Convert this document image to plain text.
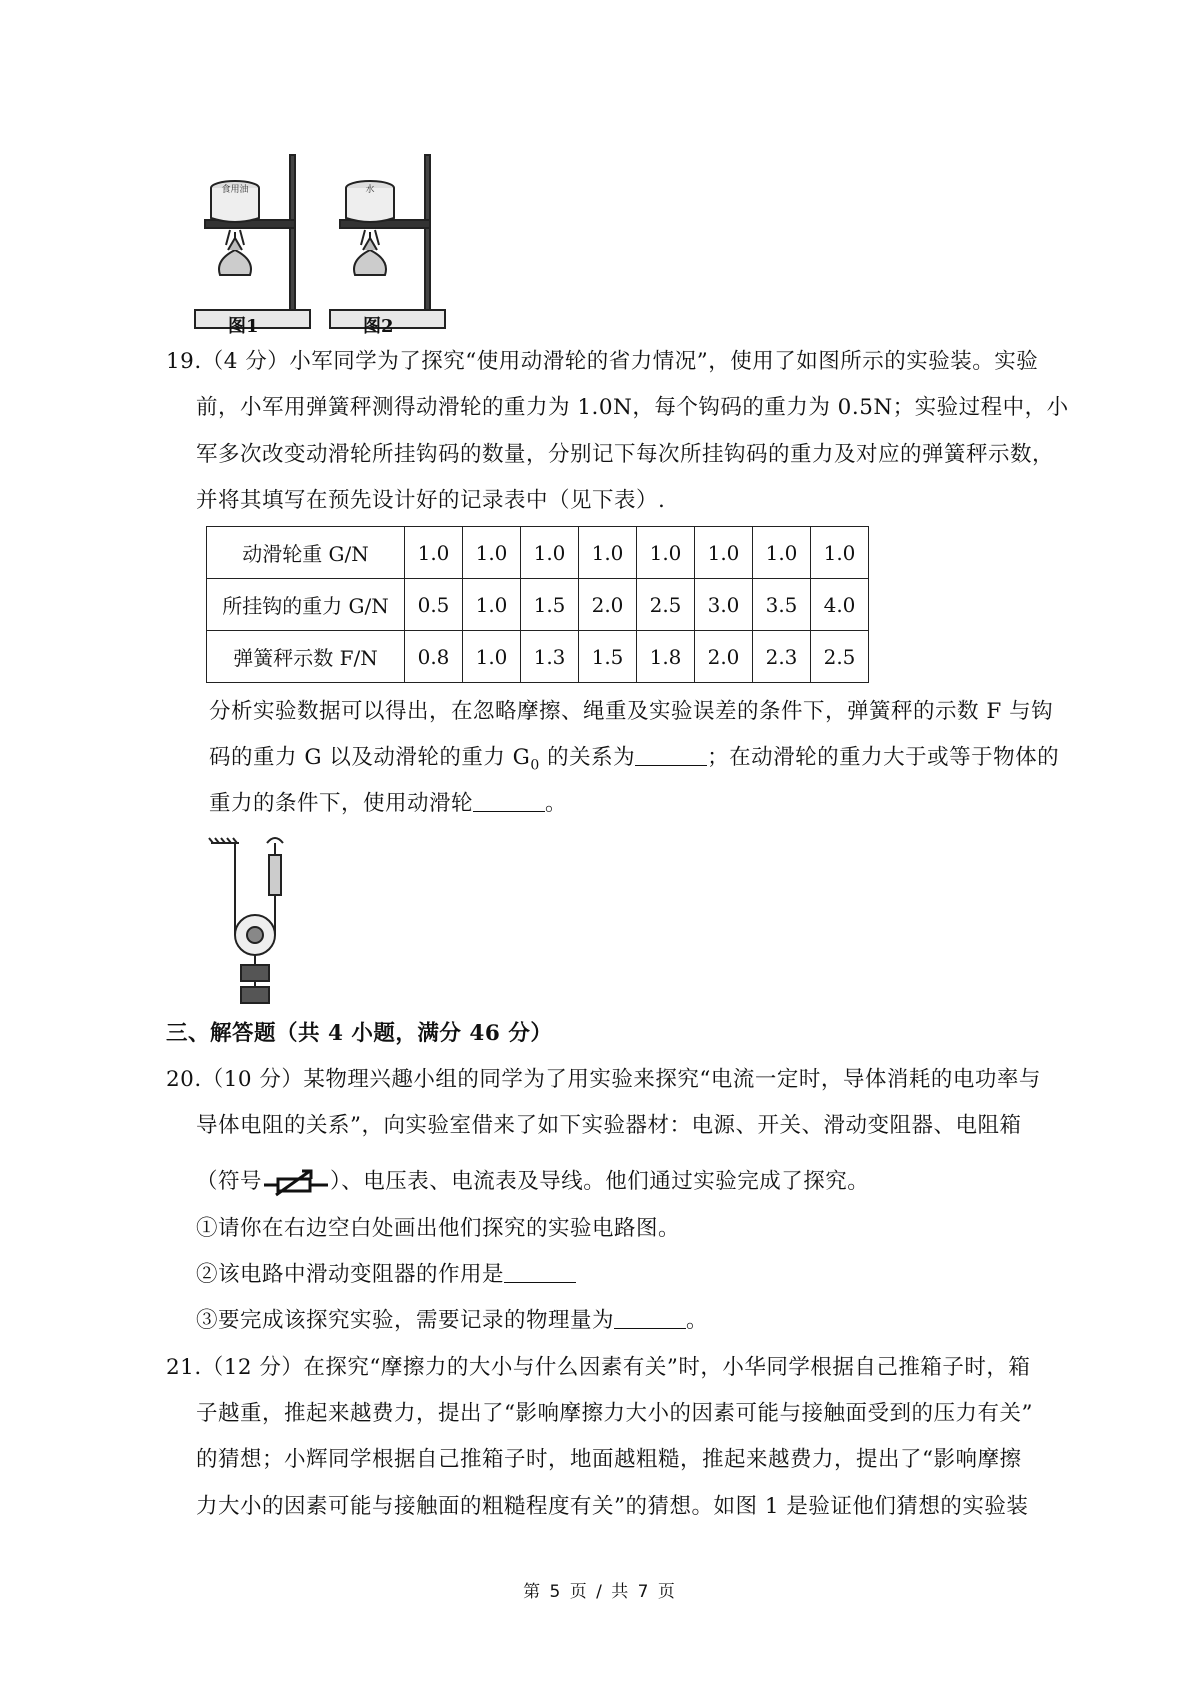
食用油	水
图1	图2
19.（4 分）小军同学为了探究“使用动滑轮的省力情况”，使用了如图所示的实验装。实验
前，小军用弹簧秤测得动滑轮的重力为 1.0N，每个钩码的重力为 0.5N；实验过程中，小
军多次改变动滑轮所挂钩码的数量，分别记下每次所挂钩码的重力及对应的弹簧秤示数，
并将其填写在预先设计好的记录表中（见下表）.
动滑轮重 G/N	1.0	1.0	1.0	1.0	1.0	1.0	1.0	1.0
所挂钩的重力 G/N	0.5	1.0	1.5	2.0	2.5	3.0	3.5	4.0
弹簧秤示数 F/N	0.8	1.0	1.3	1.5	1.8	2.0	2.3	2.5
分析实验数据可以得出，在忽略摩擦、绳重及实验误差的条件下，弹簧秤的示数 F 与钩
码的重力 G 以及动滑轮的重力 $G_0$ 的关系为	；在动滑轮的重力大于或等于物体的
重力的条件下，使用动滑轮	。
三、解答题（共 4 小题，满分 46 分）
20.（10 分）某物理兴趣小组的同学为了用实验来探究“电流一定时，导体消耗的电功率与
导体电阻的关系”，向实验室借来了如下实验器材：电源、开关、滑动变阻器、电阻箱
（符号	）、电压表、电流表及导线。他们通过实验完成了探究。
①请你在右边空白处画出他们探究的实验电路图。
②该电路中滑动变阻器的作用是
③要完成该探究实验，需要记录的物理量为	。
21.（12 分）在探究“摩擦力的大小与什么因素有关”时，小华同学根据自己推箱子时，箱
子越重，推起来越费力，提出了“影响摩擦力大小的因素可能与接触面受到的压力有关”
的猜想；小辉同学根据自己推箱子时，地面越粗糙，推起来越费力，提出了“影响摩擦
力大小的因素可能与接触面的粗糙程度有关”的猜想。如图 1 是验证他们猜想的实验装
第 5 页 / 共 7 页
